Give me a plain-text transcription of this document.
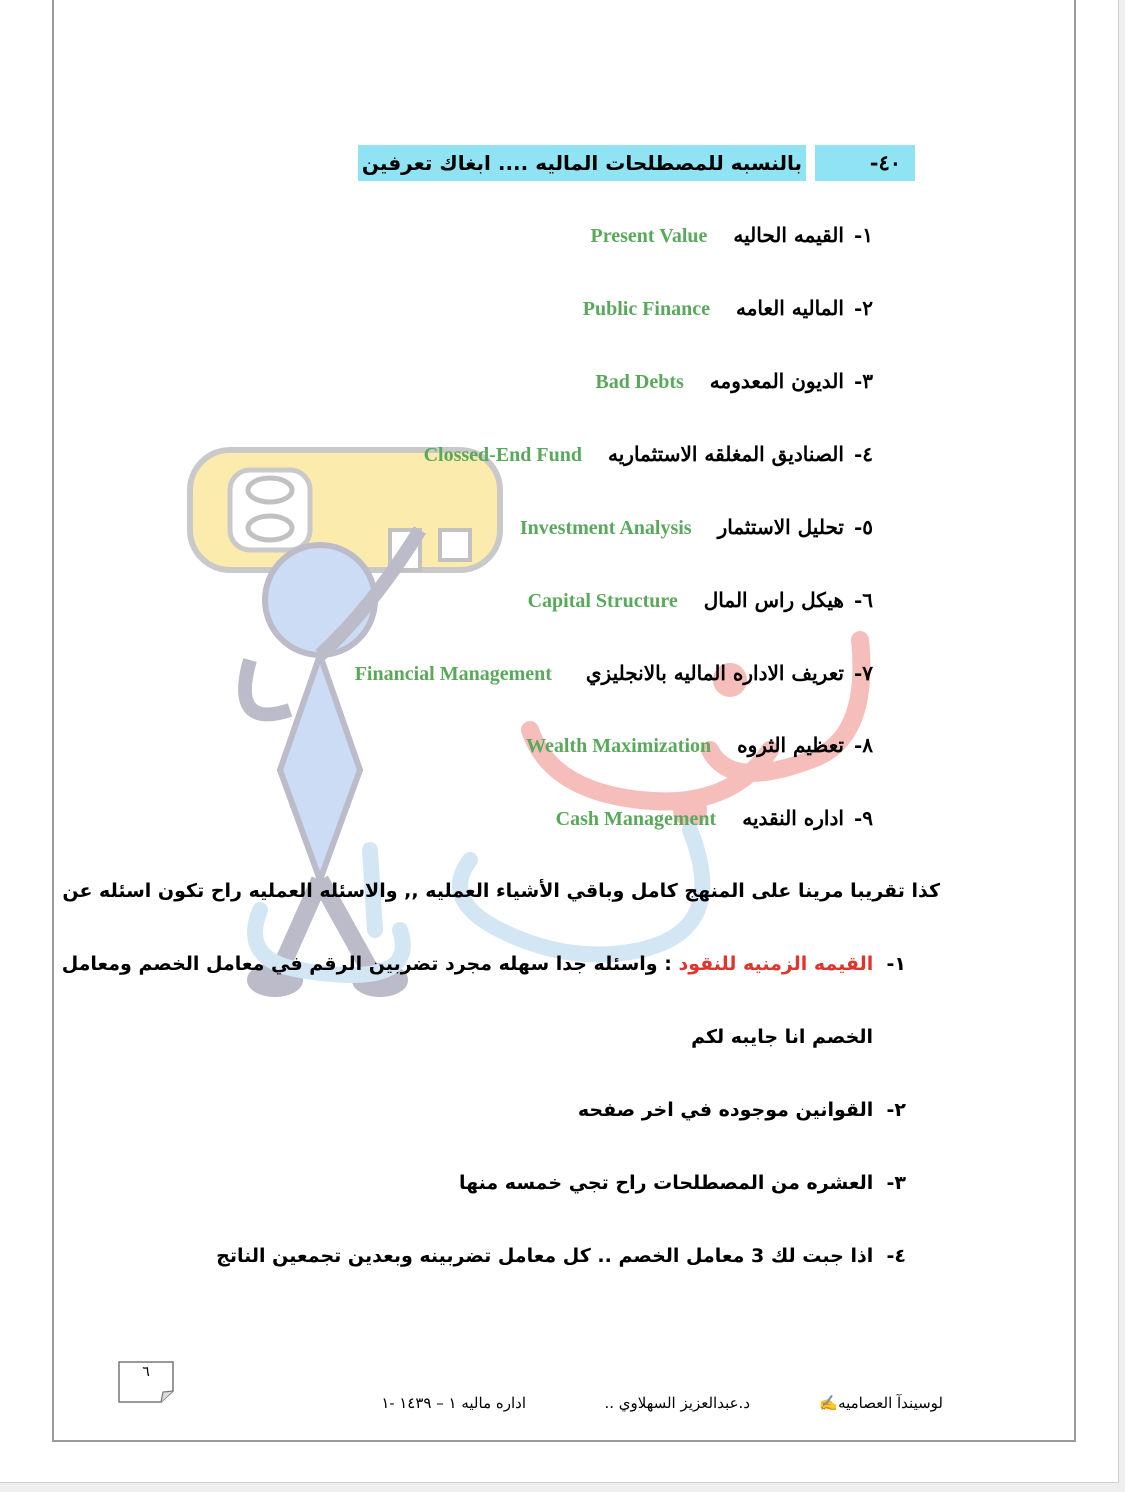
٤٠-
بالنسبه للمصطلحات الماليه .... ابغاك تعرفين
١-القيمه الحاليهPresent Value
٢-الماليه العامهPublic Finance
٣-الديون المعدومهBad Debts
٤-الصناديق المغلقه الاستثماريهClossed-End Fund
٥-تحليل الاستثمارInvestment Analysis
٦-هيكل راس المالCapital Structure
٧-تعريف الاداره الماليه بالانجليزيFinancial Management
٨-تعظيم الثروهWealth Maximization
٩-اداره النقديهCash Management
كذا تقريبا مرينا على المنهج كامل وباقي الأشياء العمليه ,, والاسئله العمليه راح تكون اسئله عن
١-  القيمه الزمنيه للنقود : واسئله جدا سهله مجرد تضربين الرقم في معامل الخصم ومعامل
الخصم انا جايبه لكم
٢-  القوانين موجوده في اخر صفحه
٣-  العشره من المصطلحات راح تجي خمسه منها
٤-  اذا جبت لك 3 معامل الخصم .. كل معامل تضربينه وبعدين تجمعين الناتج
٦
لوسيندآ العصاميه✍
د.عبدالعزيز السهلاوي ..
اداره ماليه ١ – ١٤٣٩ -١
